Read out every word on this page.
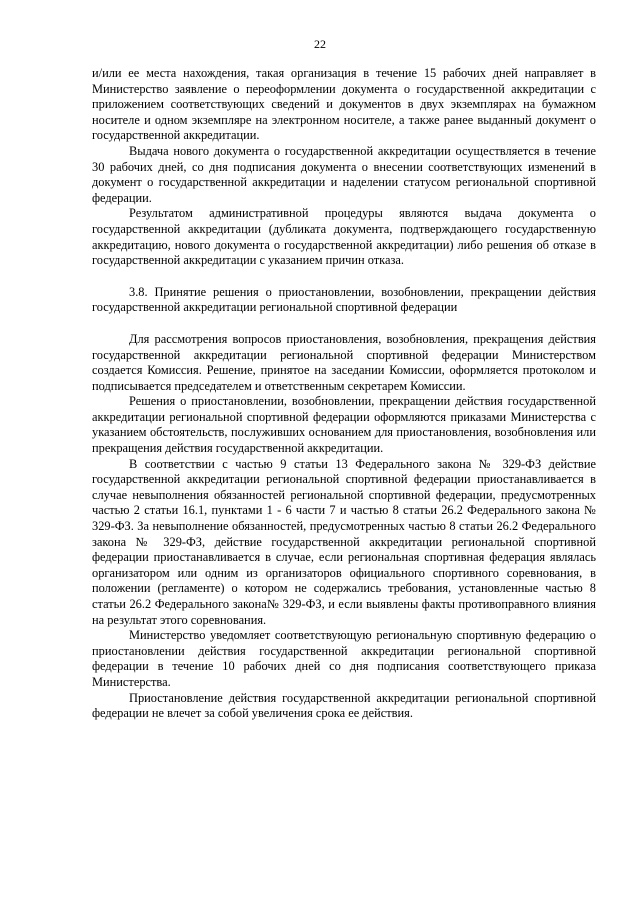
22

и/или ее места нахождения, такая организация в течение 15 рабочих дней направляет в Министерство заявление о переоформлении документа о государственной аккредитации с приложением соответствующих сведений и документов в двух экземплярах на бумажном носителе и одном экземпляре на электронном носителе, а также ранее выданный документ о государственной аккредитации.

Выдача нового документа о государственной аккредитации осуществляется в течение 30 рабочих дней, со дня подписания документа о внесении соответствующих изменений в документ о государственной аккредитации и наделении статусом региональной спортивной федерации.

Результатом административной процедуры являются выдача документа о государственной аккредитации (дубликата документа, подтверждающего государственную аккредитацию, нового документа о государственной аккредитации) либо решения об отказе в государственной аккредитации с указанием причин отказа.

3.8. Принятие решения о приостановлении, возобновлении, прекращении действия государственной аккредитации региональной спортивной федерации

Для рассмотрения вопросов приостановления, возобновления, прекращения действия государственной аккредитации региональной спортивной федерации Министерством создается Комиссия. Решение, принятое на заседании Комиссии, оформляется протоколом и подписывается председателем и ответственным секретарем Комиссии.

Решения о приостановлении, возобновлении, прекращении действия государственной аккредитации региональной спортивной федерации оформляются приказами Министерства с указанием обстоятельств, послуживших основанием для приостановления, возобновления или прекращения действия государственной аккредитации.

В соответствии с частью 9 статьи 13 Федерального закона № 329-ФЗ действие государственной аккредитации региональной спортивной федерации приостанавливается в случае невыполнения обязанностей региональной спортивной федерации, предусмотренных частью 2 статьи 16.1, пунктами 1 - 6 части 7 и частью 8 статьи 26.2 Федерального закона № 329-ФЗ. За невыполнение обязанностей, предусмотренных частью 8 статьи 26.2 Федерального закона № 329-ФЗ, действие государственной аккредитации региональной спортивной федерации приостанавливается в случае, если региональная спортивная федерация являлась организатором или одним из организаторов официального спортивного соревнования, в положении (регламенте) о котором не содержались требования, установленные частью 8 статьи 26.2 Федерального закона№ 329-ФЗ, и если выявлены факты противоправного влияния на результат этого соревнования.

Министерство уведомляет соответствующую региональную спортивную федерацию о приостановлении действия государственной аккредитации региональной спортивной федерации в течение 10 рабочих дней со дня подписания соответствующего приказа Министерства.

Приостановление действия государственной аккредитации региональной спортивной федерации не влечет за собой увеличения срока ее действия.
